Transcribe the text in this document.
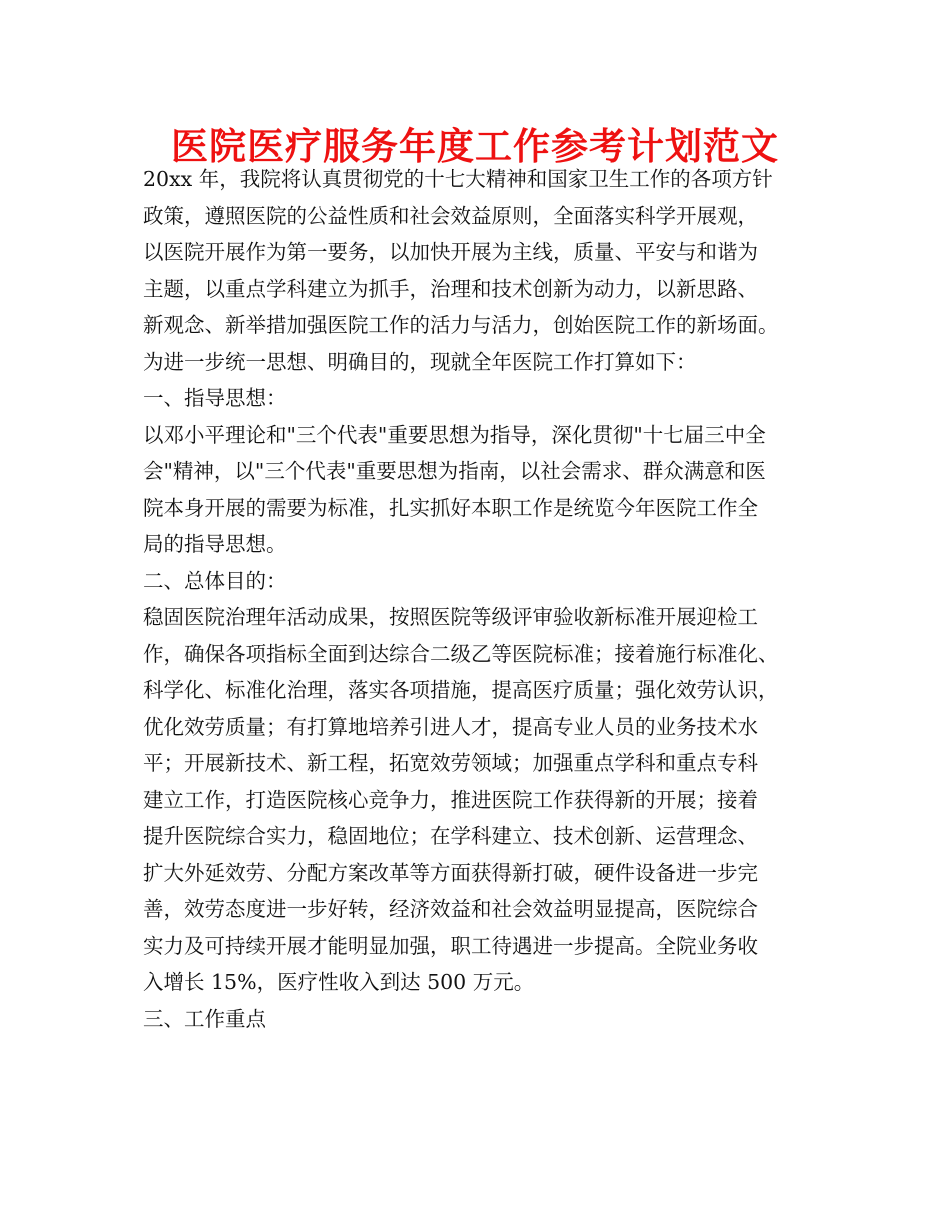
医院医疗服务年度工作参考计划范文
20xx 年，我院将认真贯彻党的十七大精神和国家卫生工作的各项方针
政策，遵照医院的公益性质和社会效益原则，全面落实科学开展观，
以医院开展作为第一要务，以加快开展为主线，质量、平安与和谐为
主题，以重点学科建立为抓手，治理和技术创新为动力，以新思路、
新观念、新举措加强医院工作的活力与活力，创始医院工作的新场面。
为进一步统一思想、明确目的，现就全年医院工作打算如下：
一、指导思想：
以邓小平理论和"三个代表"重要思想为指导，深化贯彻"十七届三中全
会"精神，以"三个代表"重要思想为指南，以社会需求、群众满意和医
院本身开展的需要为标准，扎实抓好本职工作是统览今年医院工作全
局的指导思想。
二、总体目的：
稳固医院治理年活动成果，按照医院等级评审验收新标准开展迎检工
作，确保各项指标全面到达综合二级乙等医院标准；接着施行标准化、
科学化、标准化治理，落实各项措施，提高医疗质量；强化效劳认识，
优化效劳质量；有打算地培养引进人才，提高专业人员的业务技术水
平；开展新技术、新工程，拓宽效劳领域；加强重点学科和重点专科
建立工作，打造医院核心竞争力，推进医院工作获得新的开展；接着
提升医院综合实力，稳固地位；在学科建立、技术创新、运营理念、
扩大外延效劳、分配方案改革等方面获得新打破，硬件设备进一步完
善，效劳态度进一步好转，经济效益和社会效益明显提高，医院综合
实力及可持续开展才能明显加强，职工待遇进一步提高。全院业务收
入增长 15%，医疗性收入到达 500 万元。
三、工作重点
